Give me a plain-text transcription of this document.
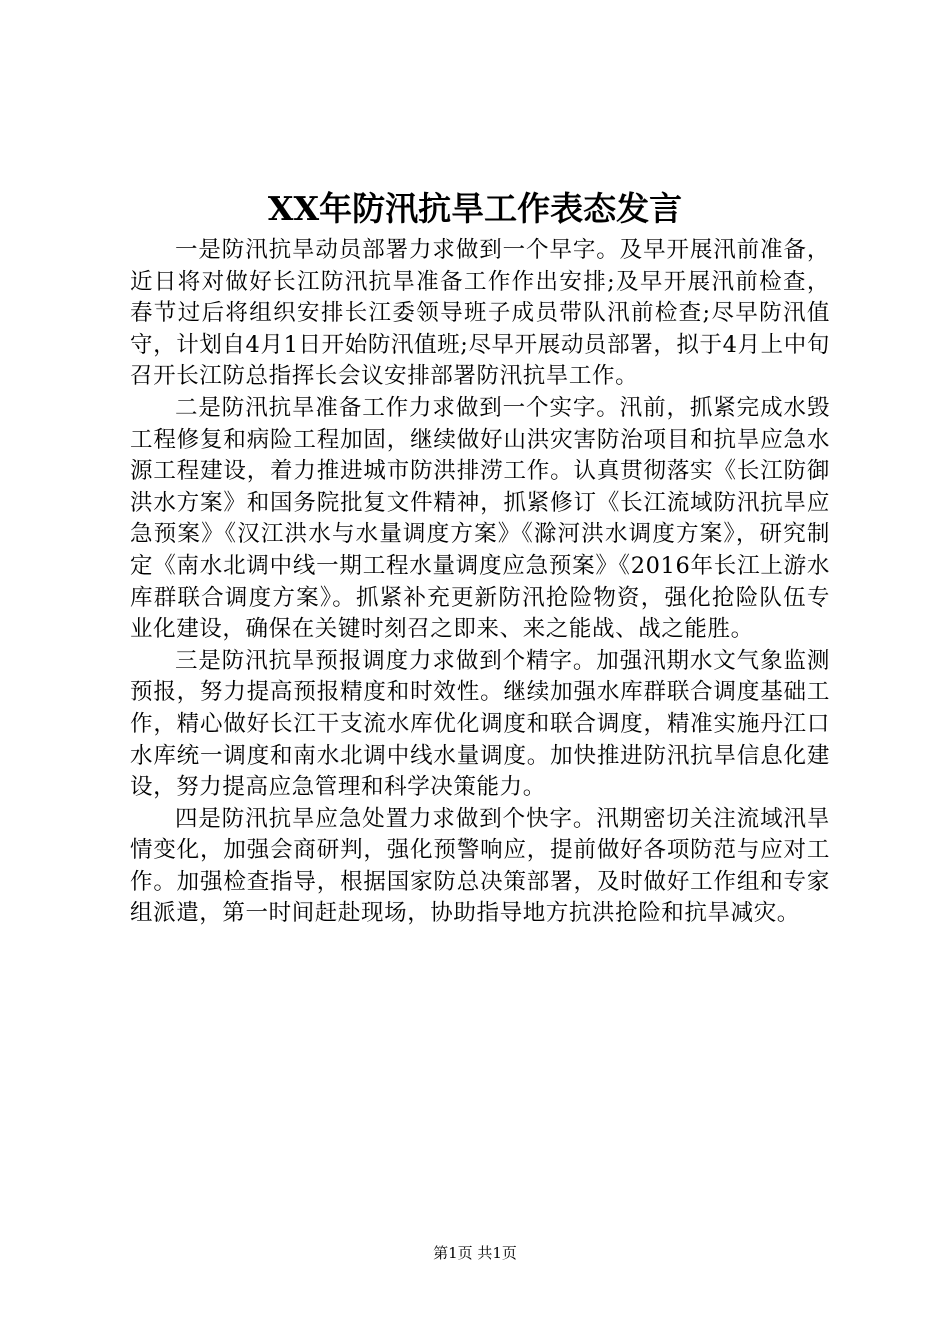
XX年防汛抗旱工作表态发言

一是防汛抗旱动员部署力求做到一个早字。及早开展汛前准备，近日将对做好长江防汛抗旱准备工作作出安排;及早开展汛前检查，春节过后将组织安排长江委领导班子成员带队汛前检查;尽早防汛值守，计划自4月1日开始防汛值班;尽早开展动员部署，拟于4月上中旬召开长江防总指挥长会议安排部署防汛抗旱工作。

二是防汛抗旱准备工作力求做到一个实字。汛前，抓紧完成水毁工程修复和病险工程加固，继续做好山洪灾害防治项目和抗旱应急水源工程建设，着力推进城市防洪排涝工作。认真贯彻落实《长江防御洪水方案》和国务院批复文件精神，抓紧修订《长江流域防汛抗旱应急预案》《汉江洪水与水量调度方案》《滁河洪水调度方案》，研究制定《南水北调中线一期工程水量调度应急预案》《2016年长江上游水库群联合调度方案》。抓紧补充更新防汛抢险物资，强化抢险队伍专业化建设，确保在关键时刻召之即来、来之能战、战之能胜。

三是防汛抗旱预报调度力求做到个精字。加强汛期水文气象监测预报，努力提高预报精度和时效性。继续加强水库群联合调度基础工作，精心做好长江干支流水库优化调度和联合调度，精准实施丹江口水库统一调度和南水北调中线水量调度。加快推进防汛抗旱信息化建设，努力提高应急管理和科学决策能力。

四是防汛抗旱应急处置力求做到个快字。汛期密切关注流域汛旱情变化，加强会商研判，强化预警响应，提前做好各项防范与应对工作。加强检查指导，根据国家防总决策部署，及时做好工作组和专家组派遣，第一时间赶赴现场，协助指导地方抗洪抢险和抗旱减灾。

第1页 共1页
